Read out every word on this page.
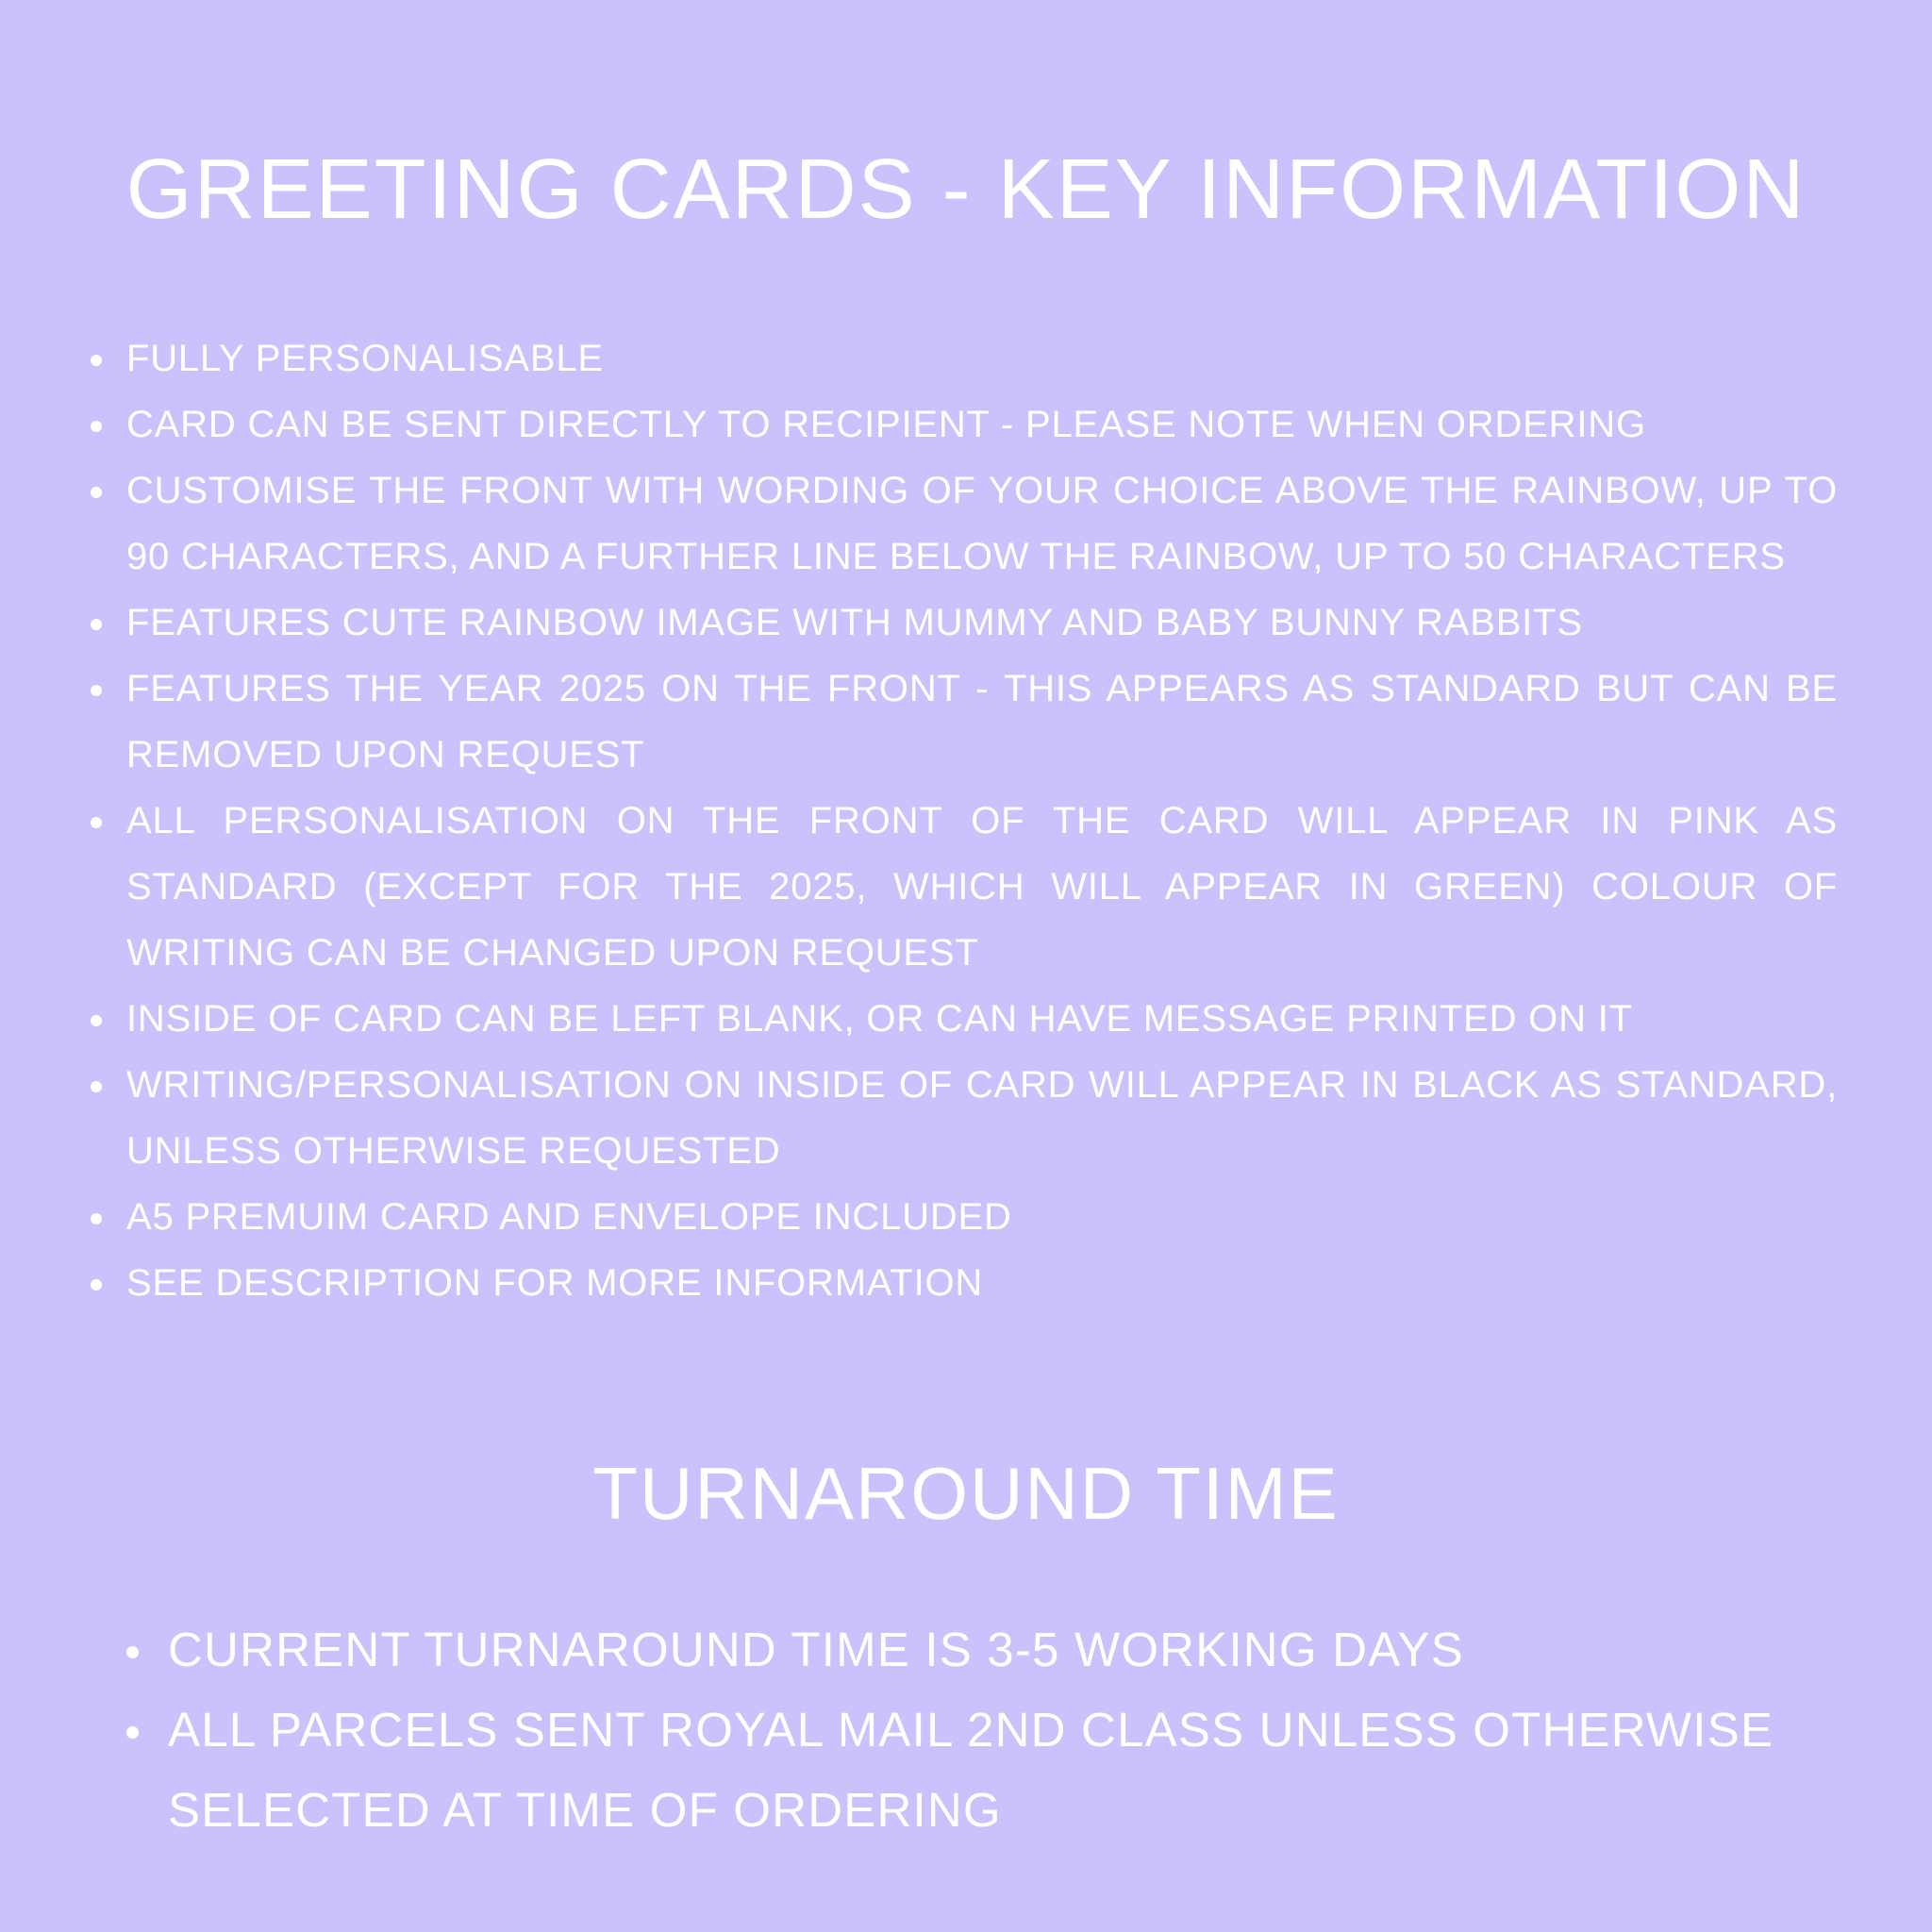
GREETING CARDS - KEY INFORMATION
FULLY PERSONALISABLE
CARD CAN BE SENT DIRECTLY TO RECIPIENT - PLEASE NOTE WHEN ORDERING
CUSTOMISE THE FRONT WITH WORDING OF YOUR CHOICE ABOVE THE RAINBOW, UP TO 90 CHARACTERS, AND A FURTHER LINE BELOW THE RAINBOW, UP TO 50 CHARACTERS
FEATURES CUTE RAINBOW IMAGE WITH MUMMY AND BABY BUNNY RABBITS
FEATURES THE YEAR 2025 ON THE FRONT - THIS APPEARS AS STANDARD BUT CAN BE REMOVED UPON REQUEST
ALL PERSONALISATION ON THE FRONT OF THE CARD WILL APPEAR IN PINK AS STANDARD (EXCEPT FOR THE 2025, WHICH WILL APPEAR IN GREEN) COLOUR OF WRITING CAN BE CHANGED UPON REQUEST
INSIDE OF CARD CAN BE LEFT BLANK, OR CAN HAVE MESSAGE PRINTED ON IT
WRITING/PERSONALISATION ON INSIDE OF CARD WILL APPEAR IN BLACK AS STANDARD, UNLESS OTHERWISE REQUESTED
A5 PREMUIM CARD AND ENVELOPE INCLUDED
SEE DESCRIPTION FOR MORE INFORMATION
TURNAROUND TIME
CURRENT TURNAROUND TIME IS 3-5 WORKING DAYS
ALL PARCELS SENT ROYAL MAIL 2ND CLASS UNLESS OTHERWISE SELECTED AT TIME OF ORDERING
